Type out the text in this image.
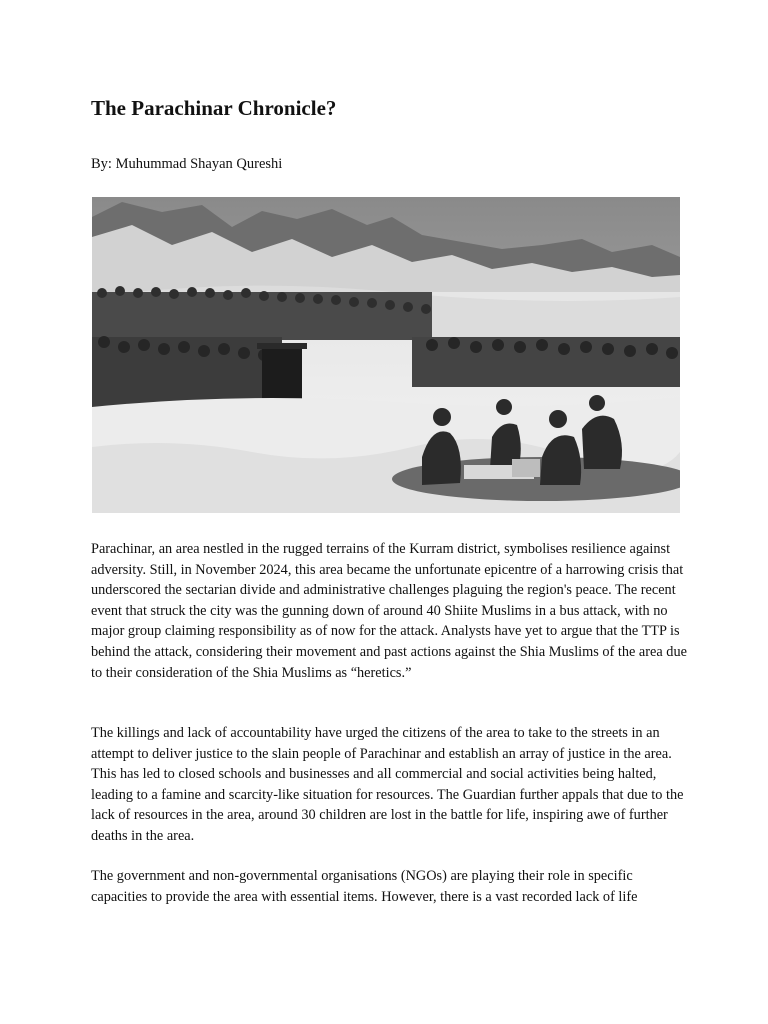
The Parachinar Chronicle?

By: Muhummad Shayan Qureshi

Parachinar, an area nestled in the rugged terrains of the Kurram district, symbolises resilience against adversity. Still, in November 2024, this area became the unfortunate epicentre of a harrowing crisis that underscored the sectarian divide and administrative challenges plaguing the region's peace. The recent event that struck the city was the gunning down of around 40 Shiite Muslims in a bus attack, with no major group claiming responsibility as of now for the attack. Analysts have yet to argue that the TTP is behind the attack, considering their movement and past actions against the Shia Muslims of the area due to their consideration of the Shia Muslims as “heretics.”

The killings and lack of accountability have urged the citizens of the area to take to the streets in an attempt to deliver justice to the slain people of Parachinar and establish an array of justice in the area. This has led to closed schools and businesses and all commercial and social activities being halted, leading to a famine and scarcity-like situation for resources. The Guardian further appals that due to the lack of resources in the area, around 30 children are lost in the battle for life, inspiring awe of further deaths in the area.

The government and non-governmental organisations (NGOs) are playing their role in specific capacities to provide the area with essential items. However, there is a vast recorded lack of life
